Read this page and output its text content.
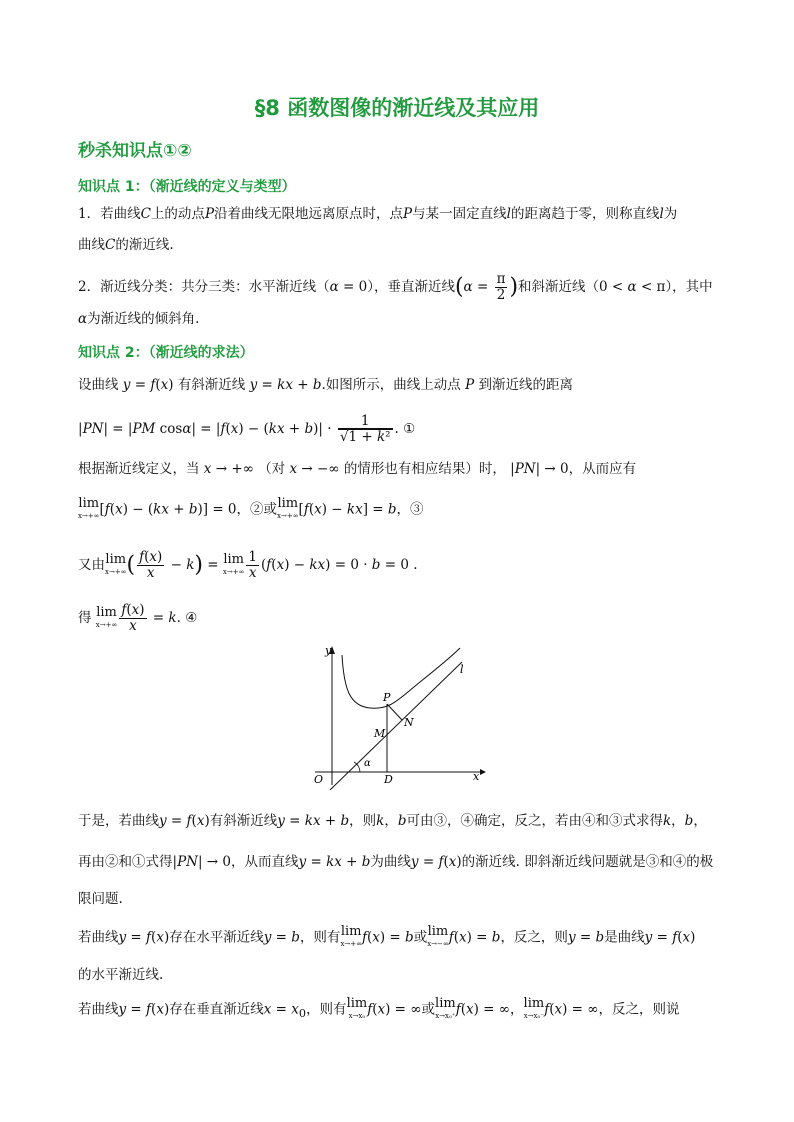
§8 函数图像的渐近线及其应用
秒杀知识点①②
知识点 1：（渐近线的定义与类型）
1．若曲线C上的动点P沿着曲线无限地远离原点时，点P与某一固定直线l的距离趋于零，则称直线l为
曲线C的渐近线.
2．渐近线分类：共分三类：水平渐近线（α = 0），垂直渐近线($\alpha = \frac{\pi}{2}$ )和斜渐近线（0 < α < π），其中
α为渐近线的倾斜角.
知识点 2：（渐近线的求法）
设曲线 y = f(x) 有斜渐近线 y = kx + b.如图所示，曲线上动点 P 到渐近线的距离
|PN| = |PM $\cos\alpha| = |f(x) - (kx + b)| \cdot \frac{1}{\text{√1 + k²}}$ . ①
根据渐近线定义，当 x → +∞ （对 x → −∞ 的情形也有相应结果）时， |PN| → 0，从而应有
lim
x→+∞ [f(x) − (kx + b)] = 0，②或 lim
x→+∞ [f(x) − kx] = b，③
又由 lim
x→+∞ ( $\frac{f(x)}{x} - k) = \lim$
$x\to+\infty \frac{1}{x} (f(x) - kx) = 0 \cdot b = 0$ .
得 lim
$x\to+\infty \frac{f(x)}{x} = k$. ④
y
x
O
P
N
M
D
α
l
于是，若曲线y = f(x)有斜渐近线y = kx + b，则k，b可由③，④确定，反之，若由④和③式求得k，b，
再由②和①式得|PN| → 0，从而直线y = kx + b为曲线y = f(x)的渐近线. 即斜渐近线问题就是③和④的极
限问题.
若曲线y = f(x)存在水平渐近线y = b，则有 lim
x→+∞ f(x) = b或 lim
x→−∞ f(x) = b，反之，则y = b是曲线y = f(x)
的水平渐近线.
若曲线y = f(x)存在垂直渐近线$x = x_0$，则有 lim
x→x₀ f(x) = ∞或 lim
x→x₀⁺ f(x) = ∞， lim
x→x₀⁻ f(x) = ∞，反之，则说
